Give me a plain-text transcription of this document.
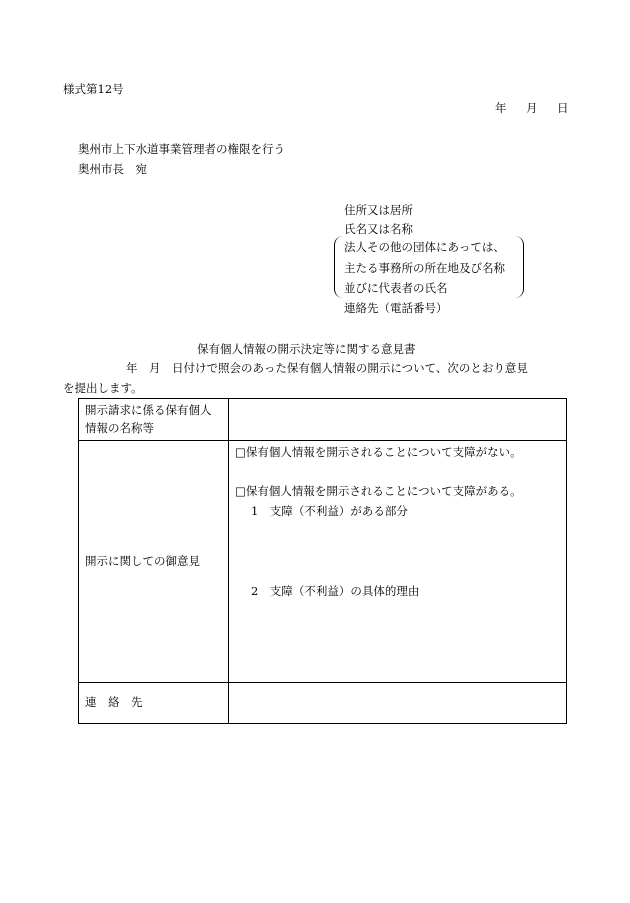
様式第12号
年　月　日
奥州市上下水道事業管理者の権限を行う
奥州市長　宛
住所又は居所
氏名又は名称
法人その他の団体にあっては、
主たる事務所の所在地及び名称
並びに代表者の氏名
連絡先（電話番号）
保有個人情報の開示決定等に関する意見書
年　月　日付けで照会のあった保有個人情報の開示について、次のとおり意見
を提出します。
開示請求に係る保有個人
情報の名称等	

開示に関しての御意見	□保有個人情報を開示されることについて支障がない。
□保有個人情報を開示されることについて支障がある。
1　支障（不利益）がある部分
2　支障（不利益）の具体的理由

連　絡　先	
